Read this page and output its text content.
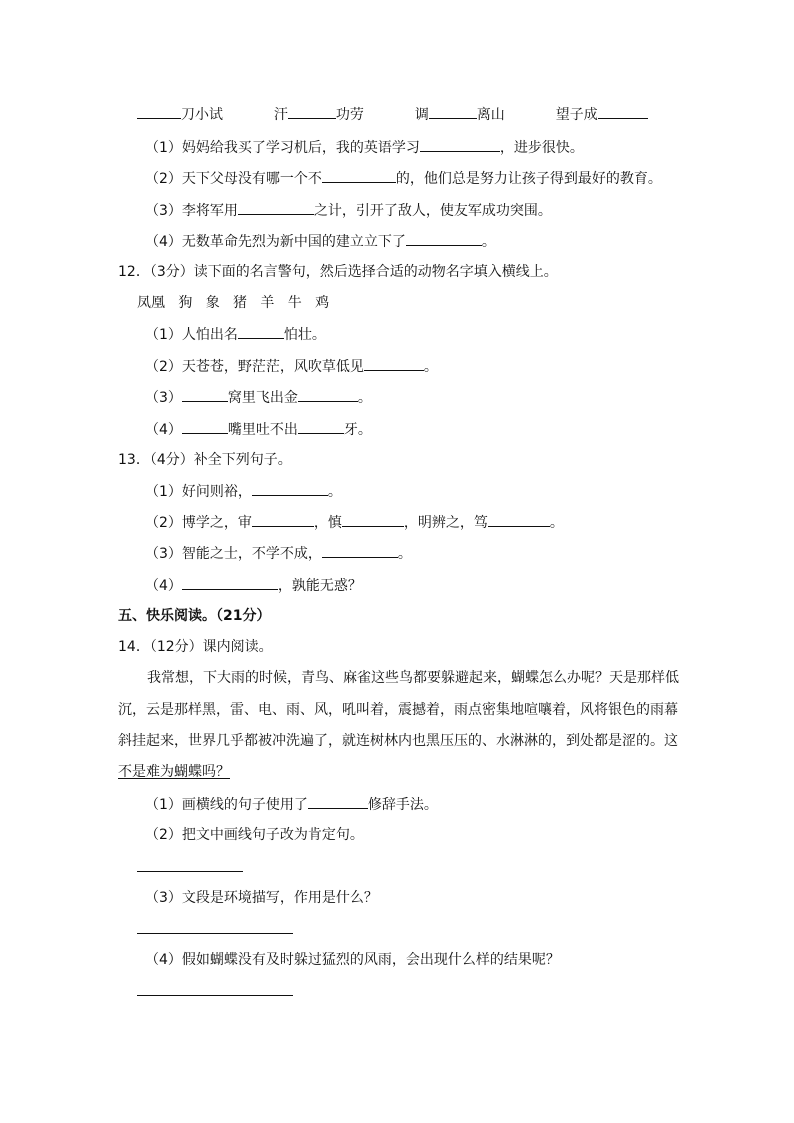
刀小试	汗	功劳	调	离山	望子成
（1）妈妈给我买了学习机后，我的英语学习	，进步很快。
（2）天下父母没有哪一个不	的，他们总是努力让孩子得到最好的教育。
（3）李将军用	之计，引开了敌人，使友军成功突围。
（4）无数革命先烈为新中国的建立立下了	。
12．（3分）读下面的名言警句，然后选择合适的动物名字填入横线上。
凤凰   狗   象   猪   羊   牛   鸡
（1）人怕出名	怕壮。
（2）天苍苍，野茫茫，风吹草低见	。
（3）	窝里飞出金	。
（4）	嘴里吐不出	牙。
13．（4分）补全下列句子。
（1）好问则裕，	。
（2）博学之，审	，慎	，明辨之，笃	。
（3）智能之士，不学不成，	。
（4）	，孰能无惑？
五、快乐阅读。（21分）
14．（12分）课内阅读。
我常想，下大雨的时候，青鸟、麻雀这些鸟都要躲避起来，蝴蝶怎么办呢？天是那样低
沉，云是那样黑，雷、电、雨、风，吼叫着，震撼着，雨点密集地喧嚷着，风将银色的雨幕
斜挂起来，世界几乎都被冲洗遍了，就连树林内也黑压压的、水淋淋的，到处都是涩的。这
不是难为蝴蝶吗？
（1）画横线的句子使用了	修辞手法。
（2）把文中画线句子改为肯定句。
（3）文段是环境描写，作用是什么？
（4）假如蝴蝶没有及时躲过猛烈的风雨，会出现什么样的结果呢？
